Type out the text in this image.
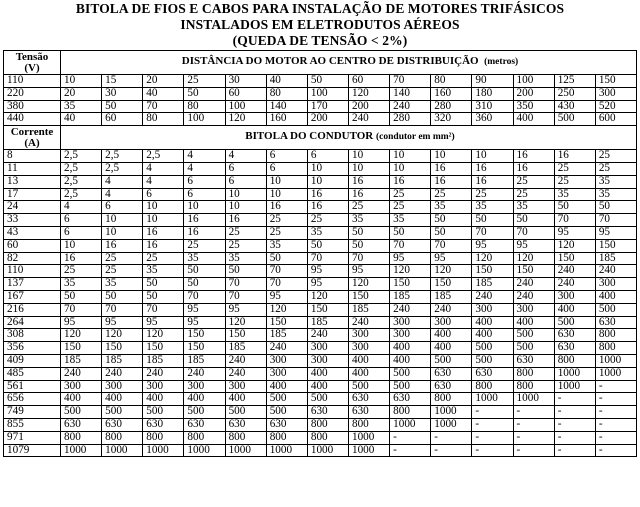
BITOLA DE FIOS E CABOS PARA INSTALAÇÃO DE MOTORES TRIFÁSICOS
INSTALADOS EM ELETRODUTOS AÉREOS
(QUEDA DE TENSÃO < 2%)
Tensão
(V)	DISTÂNCIA DO MOTOR AO CENTRO DE DISTRIBUIÇÃO (metros)													
110	10	15	20	25	30	40	50	60	70	80	90	100	125	150
220	20	30	40	50	60	80	100	120	140	160	180	200	250	300
380	35	50	70	80	100	140	170	200	240	280	310	350	430	520
440	40	60	80	100	120	160	200	240	280	320	360	400	500	600

Corrente
(A)	BITOLA DO CONDUTOR (condutor em mm²)													
8	2,5	2,5	2,5	4	4	6	6	10	10	10	10	16	16	25
11	2,5	2,5	4	4	6	6	10	10	10	16	16	16	25	25
13	2,5	4	4	6	6	10	10	16	16	16	16	25	25	35
17	2,5	4	6	6	10	10	16	16	25	25	25	25	35	35
24	4	6	10	10	10	16	16	25	25	35	35	35	50	50
33	6	10	10	16	16	25	25	35	35	50	50	50	70	70
43	6	10	16	16	25	25	35	50	50	50	70	70	95	95
60	10	16	16	25	25	35	50	50	70	70	95	95	120	150
82	16	25	25	35	35	50	70	70	95	95	120	120	150	185
110	25	25	35	50	50	70	95	95	120	120	150	150	240	240
137	35	35	50	50	70	70	95	120	150	150	185	240	240	300
167	50	50	50	70	70	95	120	150	185	185	240	240	300	400
216	70	70	70	95	95	120	150	185	240	240	300	300	400	500
264	95	95	95	95	120	150	185	240	300	300	400	400	500	630
308	120	120	120	150	150	185	240	300	300	400	400	500	630	800
356	150	150	150	150	185	240	300	300	400	400	500	500	630	800
409	185	185	185	185	240	300	300	400	400	500	500	630	800	1000
485	240	240	240	240	240	300	400	400	500	630	630	800	1000	1000
561	300	300	300	300	300	400	400	500	500	630	800	800	1000	-
656	400	400	400	400	400	500	500	630	630	800	1000	1000	-	-
749	500	500	500	500	500	500	630	630	800	1000	-	-	-	-
855	630	630	630	630	630	630	800	800	1000	1000	-	-	-	-
971	800	800	800	800	800	800	800	1000	-	-	-	-	-	-
1079	1000	1000	1000	1000	1000	1000	1000	1000	-	-	-	-	-	-
